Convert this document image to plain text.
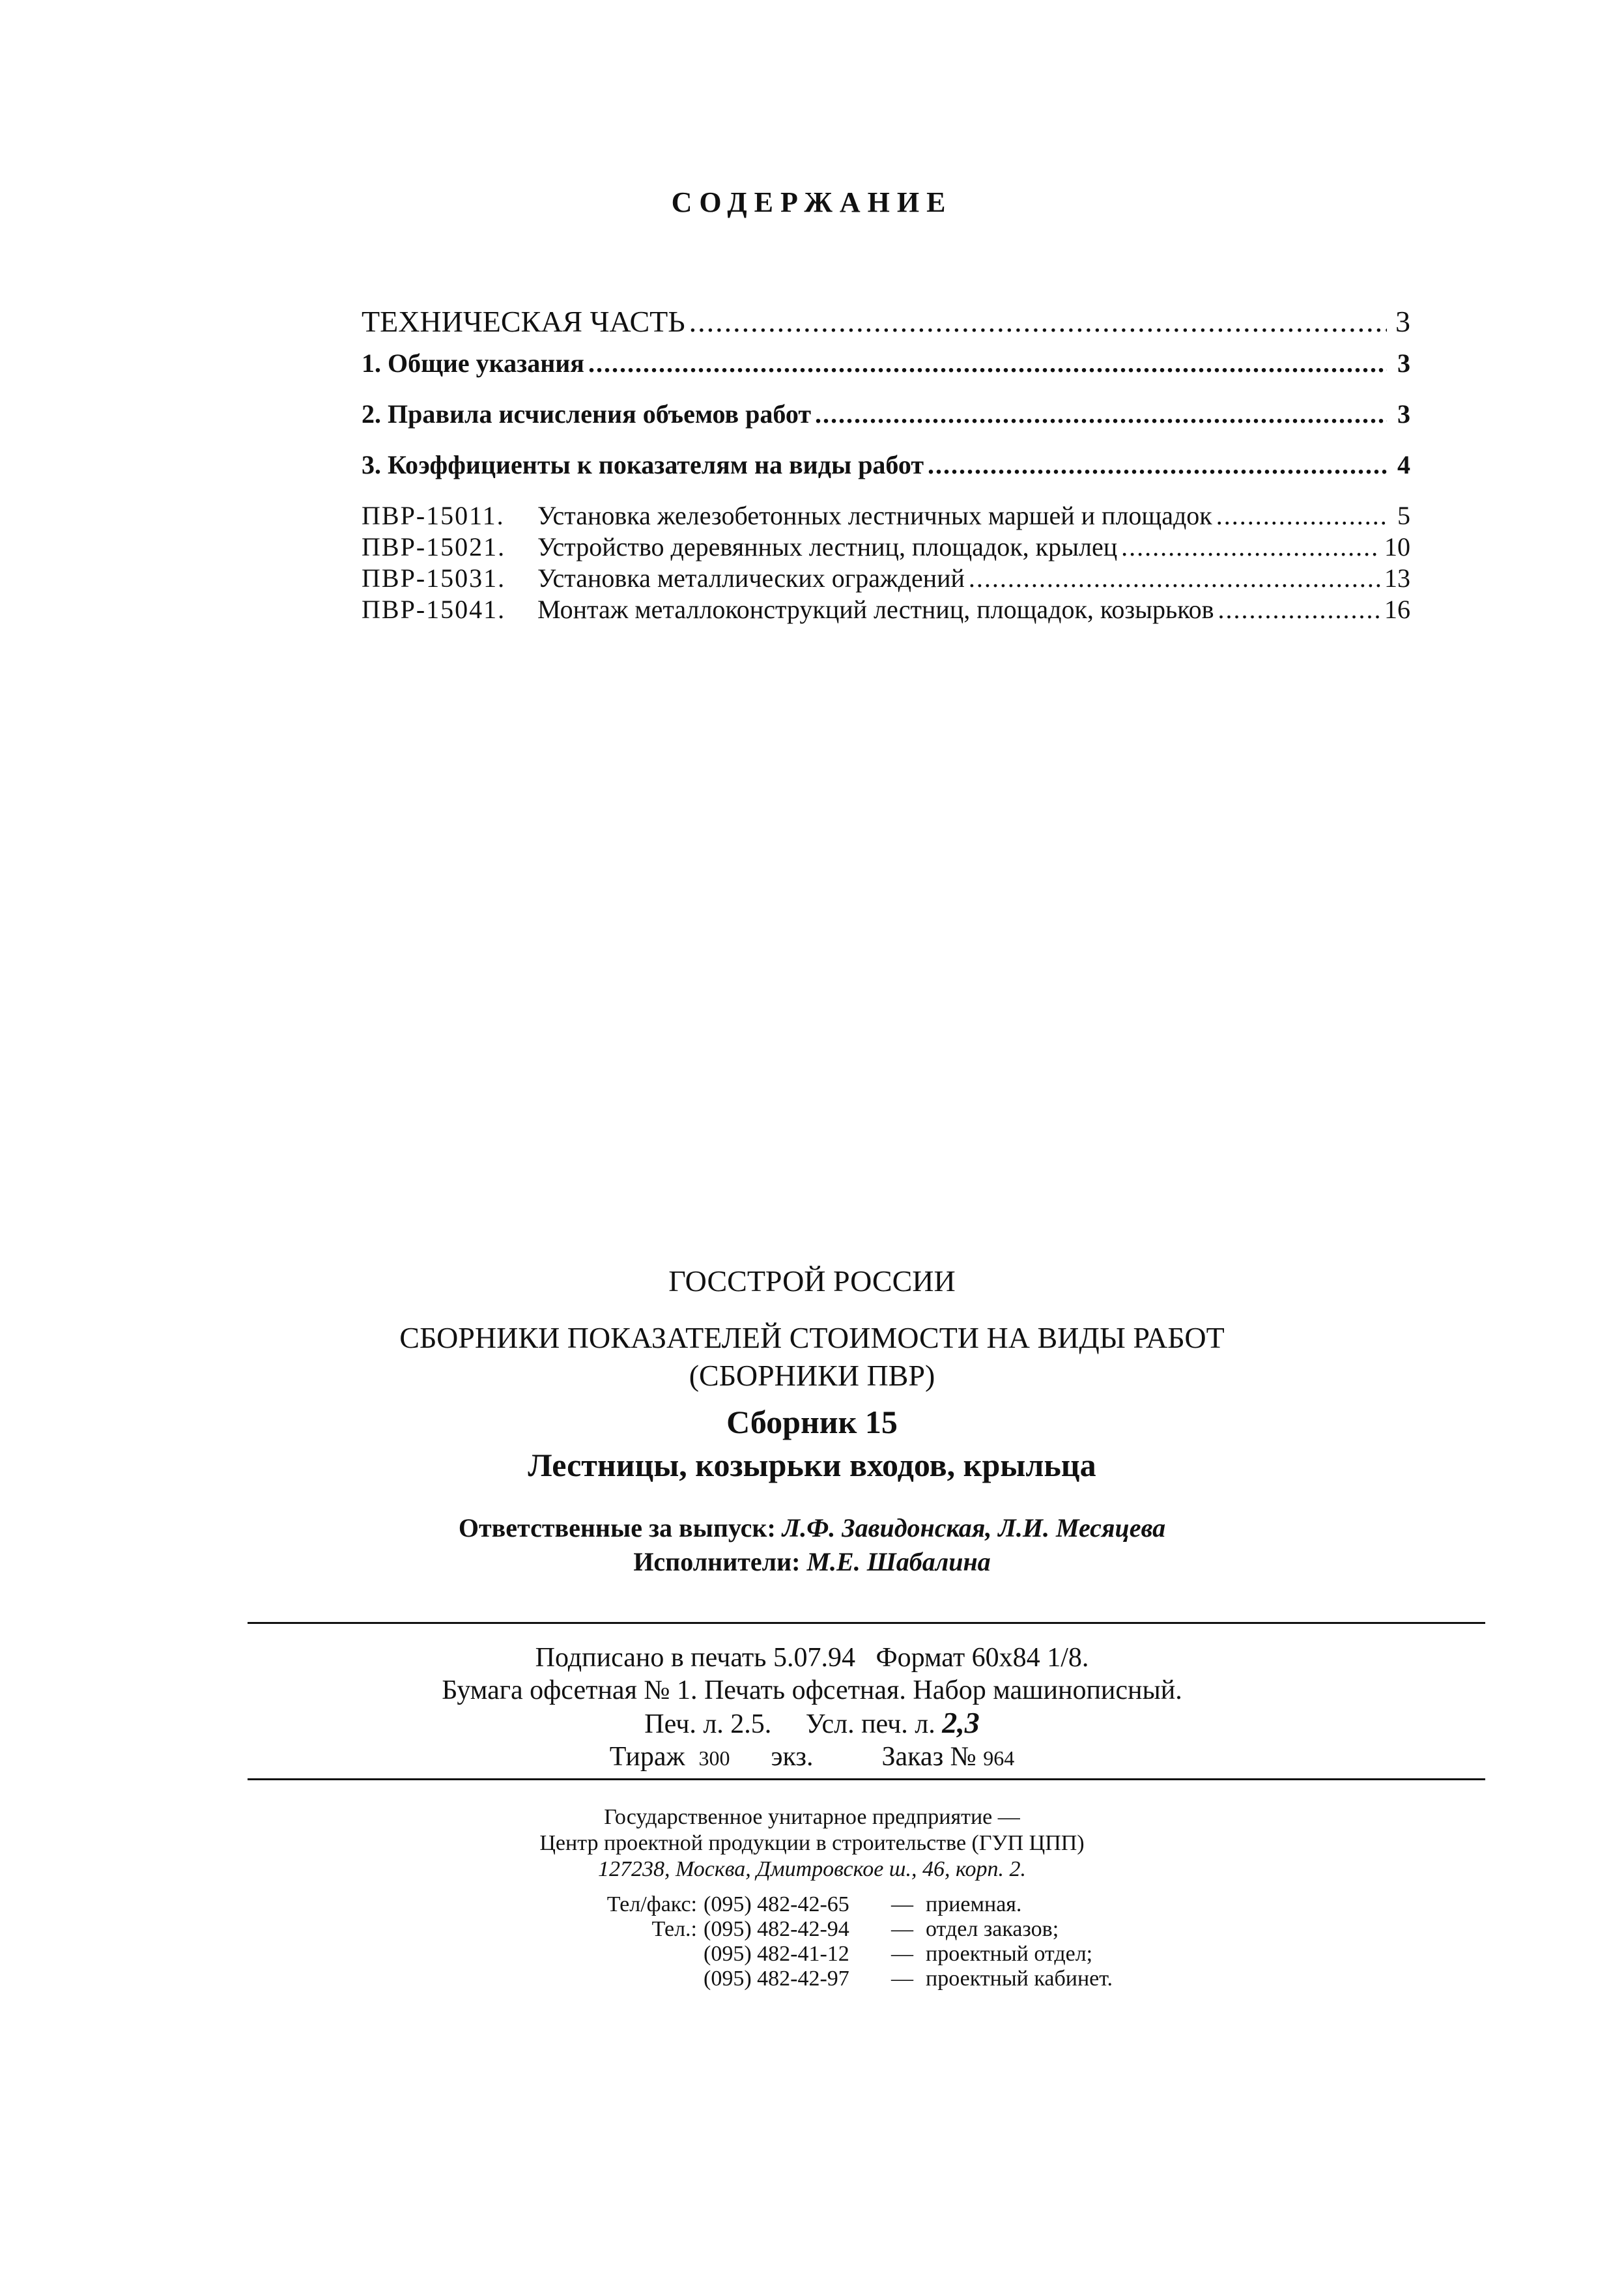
СОДЕРЖАНИЕ
ТЕХНИЧЕСКАЯ ЧАСТЬ .....	3
1. Общие указания .....	3
2. Правила исчисления объемов работ .....	3
3. Коэффициенты к показателям на виды работ .....	4
ПВР-15011. Установка железобетонных лестничных маршей и площадок .....	5
ПВР-15021. Устройство деревянных лестниц, площадок, крылец .....	10
ПВР-15031. Установка металлических ограждений .....	13
ПВР-15041. Монтаж металлоконструкций лестниц, площадок, козырьков .....	16
ГОССТРОЙ РОССИИ
СБОРНИКИ ПОКАЗАТЕЛЕЙ СТОИМОСТИ НА ВИДЫ РАБОТ
(СБОРНИКИ ПВР)
Сборник 15
Лестницы, козырьки входов, крыльца
Ответственные за выпуск: Л.Ф. Завидонская, Л.И. Месяцева
Исполнители: М.Е. Шабалина
Подписано в печать 5.07.94 Формат 60х84 1/8.
Бумага офсетная № 1. Печать офсетная. Набор машинописный.
Печ. л. 2.5. Усл. печ. л. 2,3
Тираж 300 экз.	Заказ № 964
Государственное унитарное предприятие —
Центр проектной продукции в строительстве (ГУП ЦПП)
127238, Москва, Дмитровское ш., 46, корп. 2.
Тел/факс: (095) 482-42-65	— приемная.
Тел.: (095) 482-42-94	— отдел заказов;
(095) 482-41-12	— проектный отдел;
(095) 482-42-97	— проектный кабинет.
